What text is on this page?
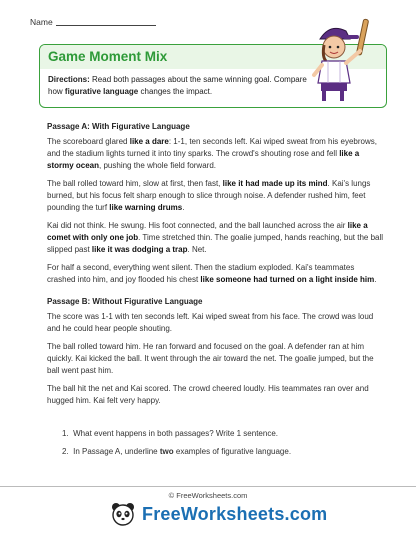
Name
Game Moment Mix
Directions: Read both passages about the same winning goal. Compare how figurative language changes the impact.
Passage A: With Figurative Language
The scoreboard glared like a dare: 1-1, ten seconds left. Kai wiped sweat from his eyebrows, and the stadium lights turned it into tiny sparks. The crowd's shouting rose and fell like a stormy ocean, pushing the whole field forward.
The ball rolled toward him, slow at first, then fast, like it had made up its mind. Kai's lungs burned, but his focus felt sharp enough to slice through noise. A defender rushed him, feet pounding the turf like warning drums.
Kai did not think. He swung. His foot connected, and the ball launched across the air like a comet with only one job. Time stretched thin. The goalie jumped, hands reaching, but the ball slipped past like it was dodging a trap. Net.
For half a second, everything went silent. Then the stadium exploded. Kai's teammates crashed into him, and joy flooded his chest like someone had turned on a light inside him.
Passage B: Without Figurative Language
The score was 1-1 with ten seconds left. Kai wiped sweat from his face. The crowd was loud and he could hear people shouting.
The ball rolled toward him. He ran forward and focused on the goal. A defender ran at him quickly. Kai kicked the ball. It went through the air toward the net. The goalie jumped, but the ball went past him.
The ball hit the net and Kai scored. The crowd cheered loudly. His teammates ran over and hugged him. Kai felt very happy.
1. What event happens in both passages? Write 1 sentence.
2. In Passage A, underline two examples of figurative language.
© FreeWorksheets.com
FreeWorksheets.com
